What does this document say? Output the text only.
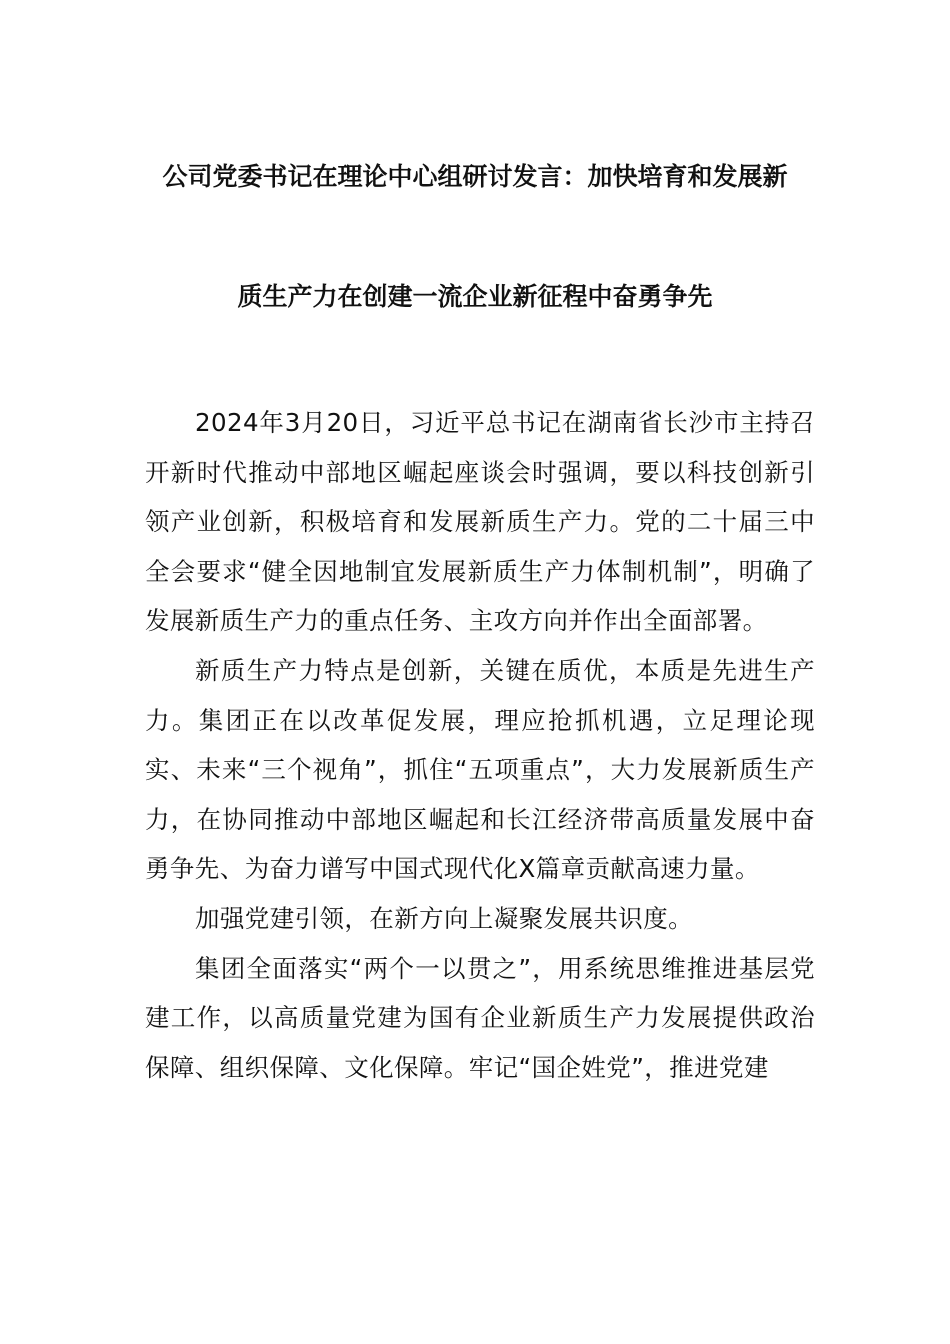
公司党委书记在理论中心组研讨发言：加快培育和发展新
质生产力在创建一流企业新征程中奋勇争先

2024年3月20日，习近平总书记在湖南省长沙市主持召开新时代推动中部地区崛起座谈会时强调，要以科技创新引领产业创新，积极培育和发展新质生产力。党的二十届三中全会要求“健全因地制宜发展新质生产力体制机制”，明确了发展新质生产力的重点任务、主攻方向并作出全面部署。

新质生产力特点是创新，关键在质优，本质是先进生产力。集团正在以改革促发展，理应抢抓机遇，立足理论现实、未来“三个视角”，抓住“五项重点”，大力发展新质生产力，在协同推动中部地区崛起和长江经济带高质量发展中奋勇争先、为奋力谱写中国式现代化X篇章贡献高速力量。

加强党建引领，在新方向上凝聚发展共识度。

集团全面落实“两个一以贯之”，用系统思维推进基层党建工作，以高质量党建为国有企业新质生产力发展提供政治保障、组织保障、文化保障。牢记“国企姓党”，推进党建
